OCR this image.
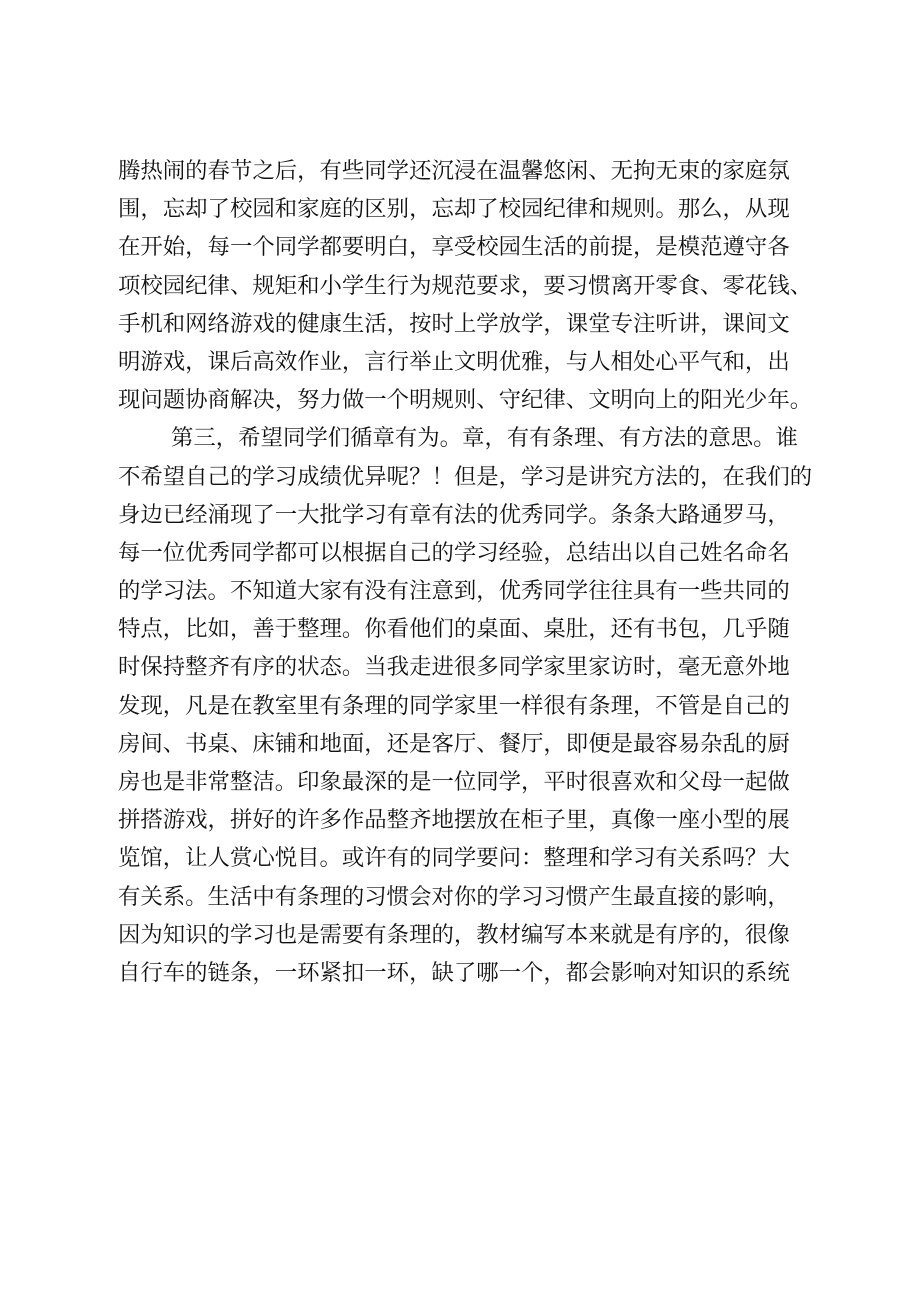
腾热闹的春节之后，有些同学还沉浸在温馨悠闲、无拘无束的家庭氛
围，忘却了校园和家庭的区别，忘却了校园纪律和规则。那么，从现
在开始，每一个同学都要明白，享受校园生活的前提，是模范遵守各
项校园纪律、规矩和小学生行为规范要求，要习惯离开零食、零花钱、
手机和网络游戏的健康生活，按时上学放学，课堂专注听讲，课间文
明游戏，课后高效作业，言行举止文明优雅，与人相处心平气和，出
现问题协商解决，努力做一个明规则、守纪律、文明向上的阳光少年。
第三，希望同学们循章有为。章，有有条理、有方法的意思。谁
不希望自己的学习成绩优异呢？！但是，学习是讲究方法的，在我们的
身边已经涌现了一大批学习有章有法的优秀同学。条条大路通罗马，
每一位优秀同学都可以根据自己的学习经验，总结出以自己姓名命名
的学习法。不知道大家有没有注意到，优秀同学往往具有一些共同的
特点，比如，善于整理。你看他们的桌面、桌肚，还有书包，几乎随
时保持整齐有序的状态。当我走进很多同学家里家访时，毫无意外地
发现，凡是在教室里有条理的同学家里一样很有条理，不管是自己的
房间、书桌、床铺和地面，还是客厅、餐厅，即便是最容易杂乱的厨
房也是非常整洁。印象最深的是一位同学，平时很喜欢和父母一起做
拼搭游戏，拼好的许多作品整齐地摆放在柜子里，真像一座小型的展
览馆，让人赏心悦目。或许有的同学要问：整理和学习有关系吗？大
有关系。生活中有条理的习惯会对你的学习习惯产生最直接的影响，
因为知识的学习也是需要有条理的，教材编写本来就是有序的，很像
自行车的链条，一环紧扣一环，缺了哪一个，都会影响对知识的系统
